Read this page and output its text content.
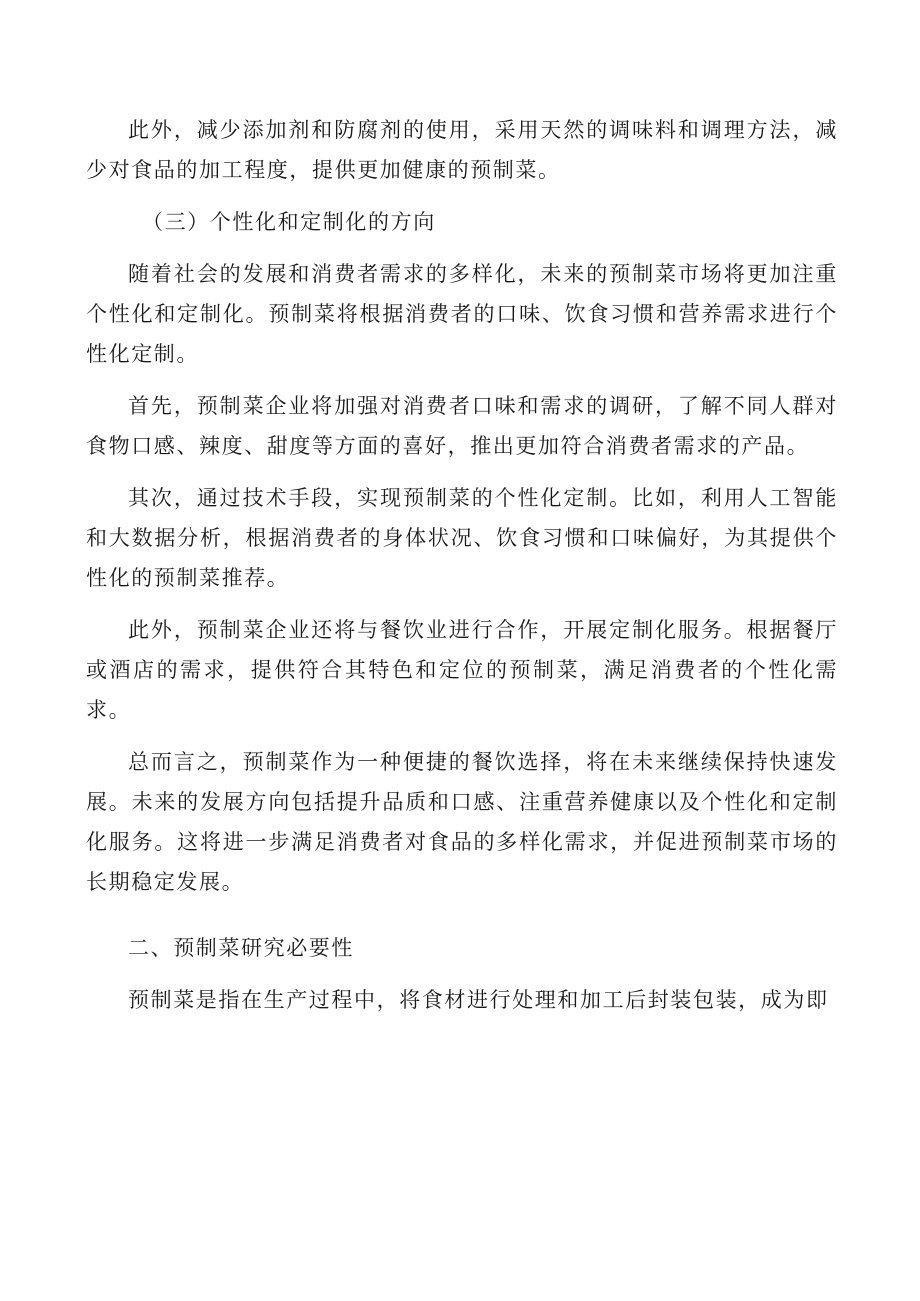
此外，减少添加剂和防腐剂的使用，采用天然的调味料和调理方法，减少对食品的加工程度，提供更加健康的预制菜。

（三）个性化和定制化的方向

随着社会的发展和消费者需求的多样化，未来的预制菜市场将更加注重个性化和定制化。预制菜将根据消费者的口味、饮食习惯和营养需求进行个性化定制。

首先，预制菜企业将加强对消费者口味和需求的调研，了解不同人群对食物口感、辣度、甜度等方面的喜好，推出更加符合消费者需求的产品。

其次，通过技术手段，实现预制菜的个性化定制。比如，利用人工智能和大数据分析，根据消费者的身体状况、饮食习惯和口味偏好，为其提供个性化的预制菜推荐。

此外，预制菜企业还将与餐饮业进行合作，开展定制化服务。根据餐厅或酒店的需求，提供符合其特色和定位的预制菜，满足消费者的个性化需求。

总而言之，预制菜作为一种便捷的餐饮选择，将在未来继续保持快速发展。未来的发展方向包括提升品质和口感、注重营养健康以及个性化和定制化服务。这将进一步满足消费者对食品的多样化需求，并促进预制菜市场的长期稳定发展。

二、预制菜研究必要性

预制菜是指在生产过程中，将食材进行处理和加工后封装包装，成为即
